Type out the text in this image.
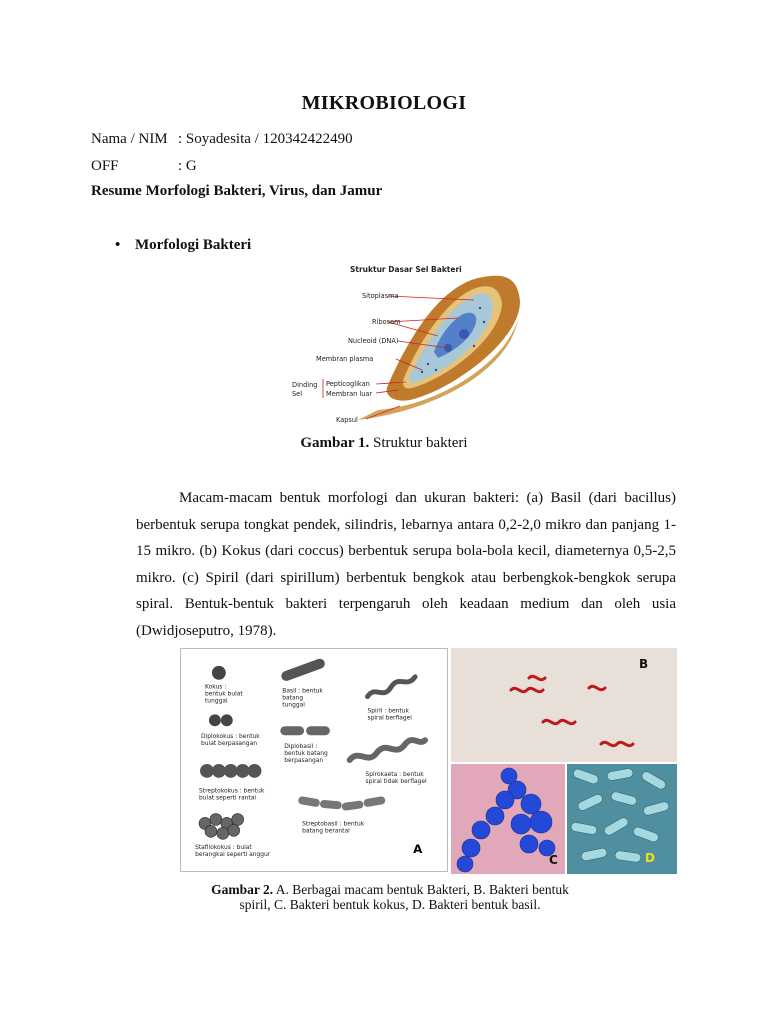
MIKROBIOLOGI
Nama / NIM : Soyadesita / 120342422490
OFF	: G
Resume Morfologi Bakteri, Virus, dan Jamur
• Morfologi Bakteri
Struktur Dasar Sel Bakteri
Sitoplasma
Ribosom
Nucleoid (DNA)
Membran plasma
Dinding
Sel
Pepticoglikan
Membran luar
Kapsul
Gambar 1. Struktur bakteri
Macam-macam bentuk morfologi dan ukuran bakteri: (a) Basil (dari bacillus) berbentuk serupa tongkat pendek, silindris, lebarnya antara 0,2-2,0 mikro dan panjang 1-15 mikro. (b) Kokus (dari coccus) berbentuk serupa bola-bola kecil, diameternya 0,5-2,5 mikro. (c) Spiril (dari spirillum) berbentuk bengkok atau berbengkok-bengkok serupa spiral. Bentuk-bentuk bakteri terpengaruh oleh keadaan medium dan oleh usia (Dwidjoseputro, 1978).
Kokus :
bentuk bulat
tunggal
Diplokokus : bentuk
bulat berpasangan
Streptokokus : bentuk
bulat seperti rantai
Stafilokokus : bulat
berangkai seperti anggur
Basil : bentuk
batang
tunggal
Diplobasil :
bentuk batang
berpasangan
Streptobasil : bentuk
batang berantai
Spiril : bentuk
spiral berflagel
Spirokaeta : bentuk
spiral tidak berflagel
A
B
C	D
Gambar 2. A. Berbagai macam bentuk Bakteri, B. Bakteri bentuk spiril, C. Bakteri bentuk kokus, D. Bakteri bentuk basil.
